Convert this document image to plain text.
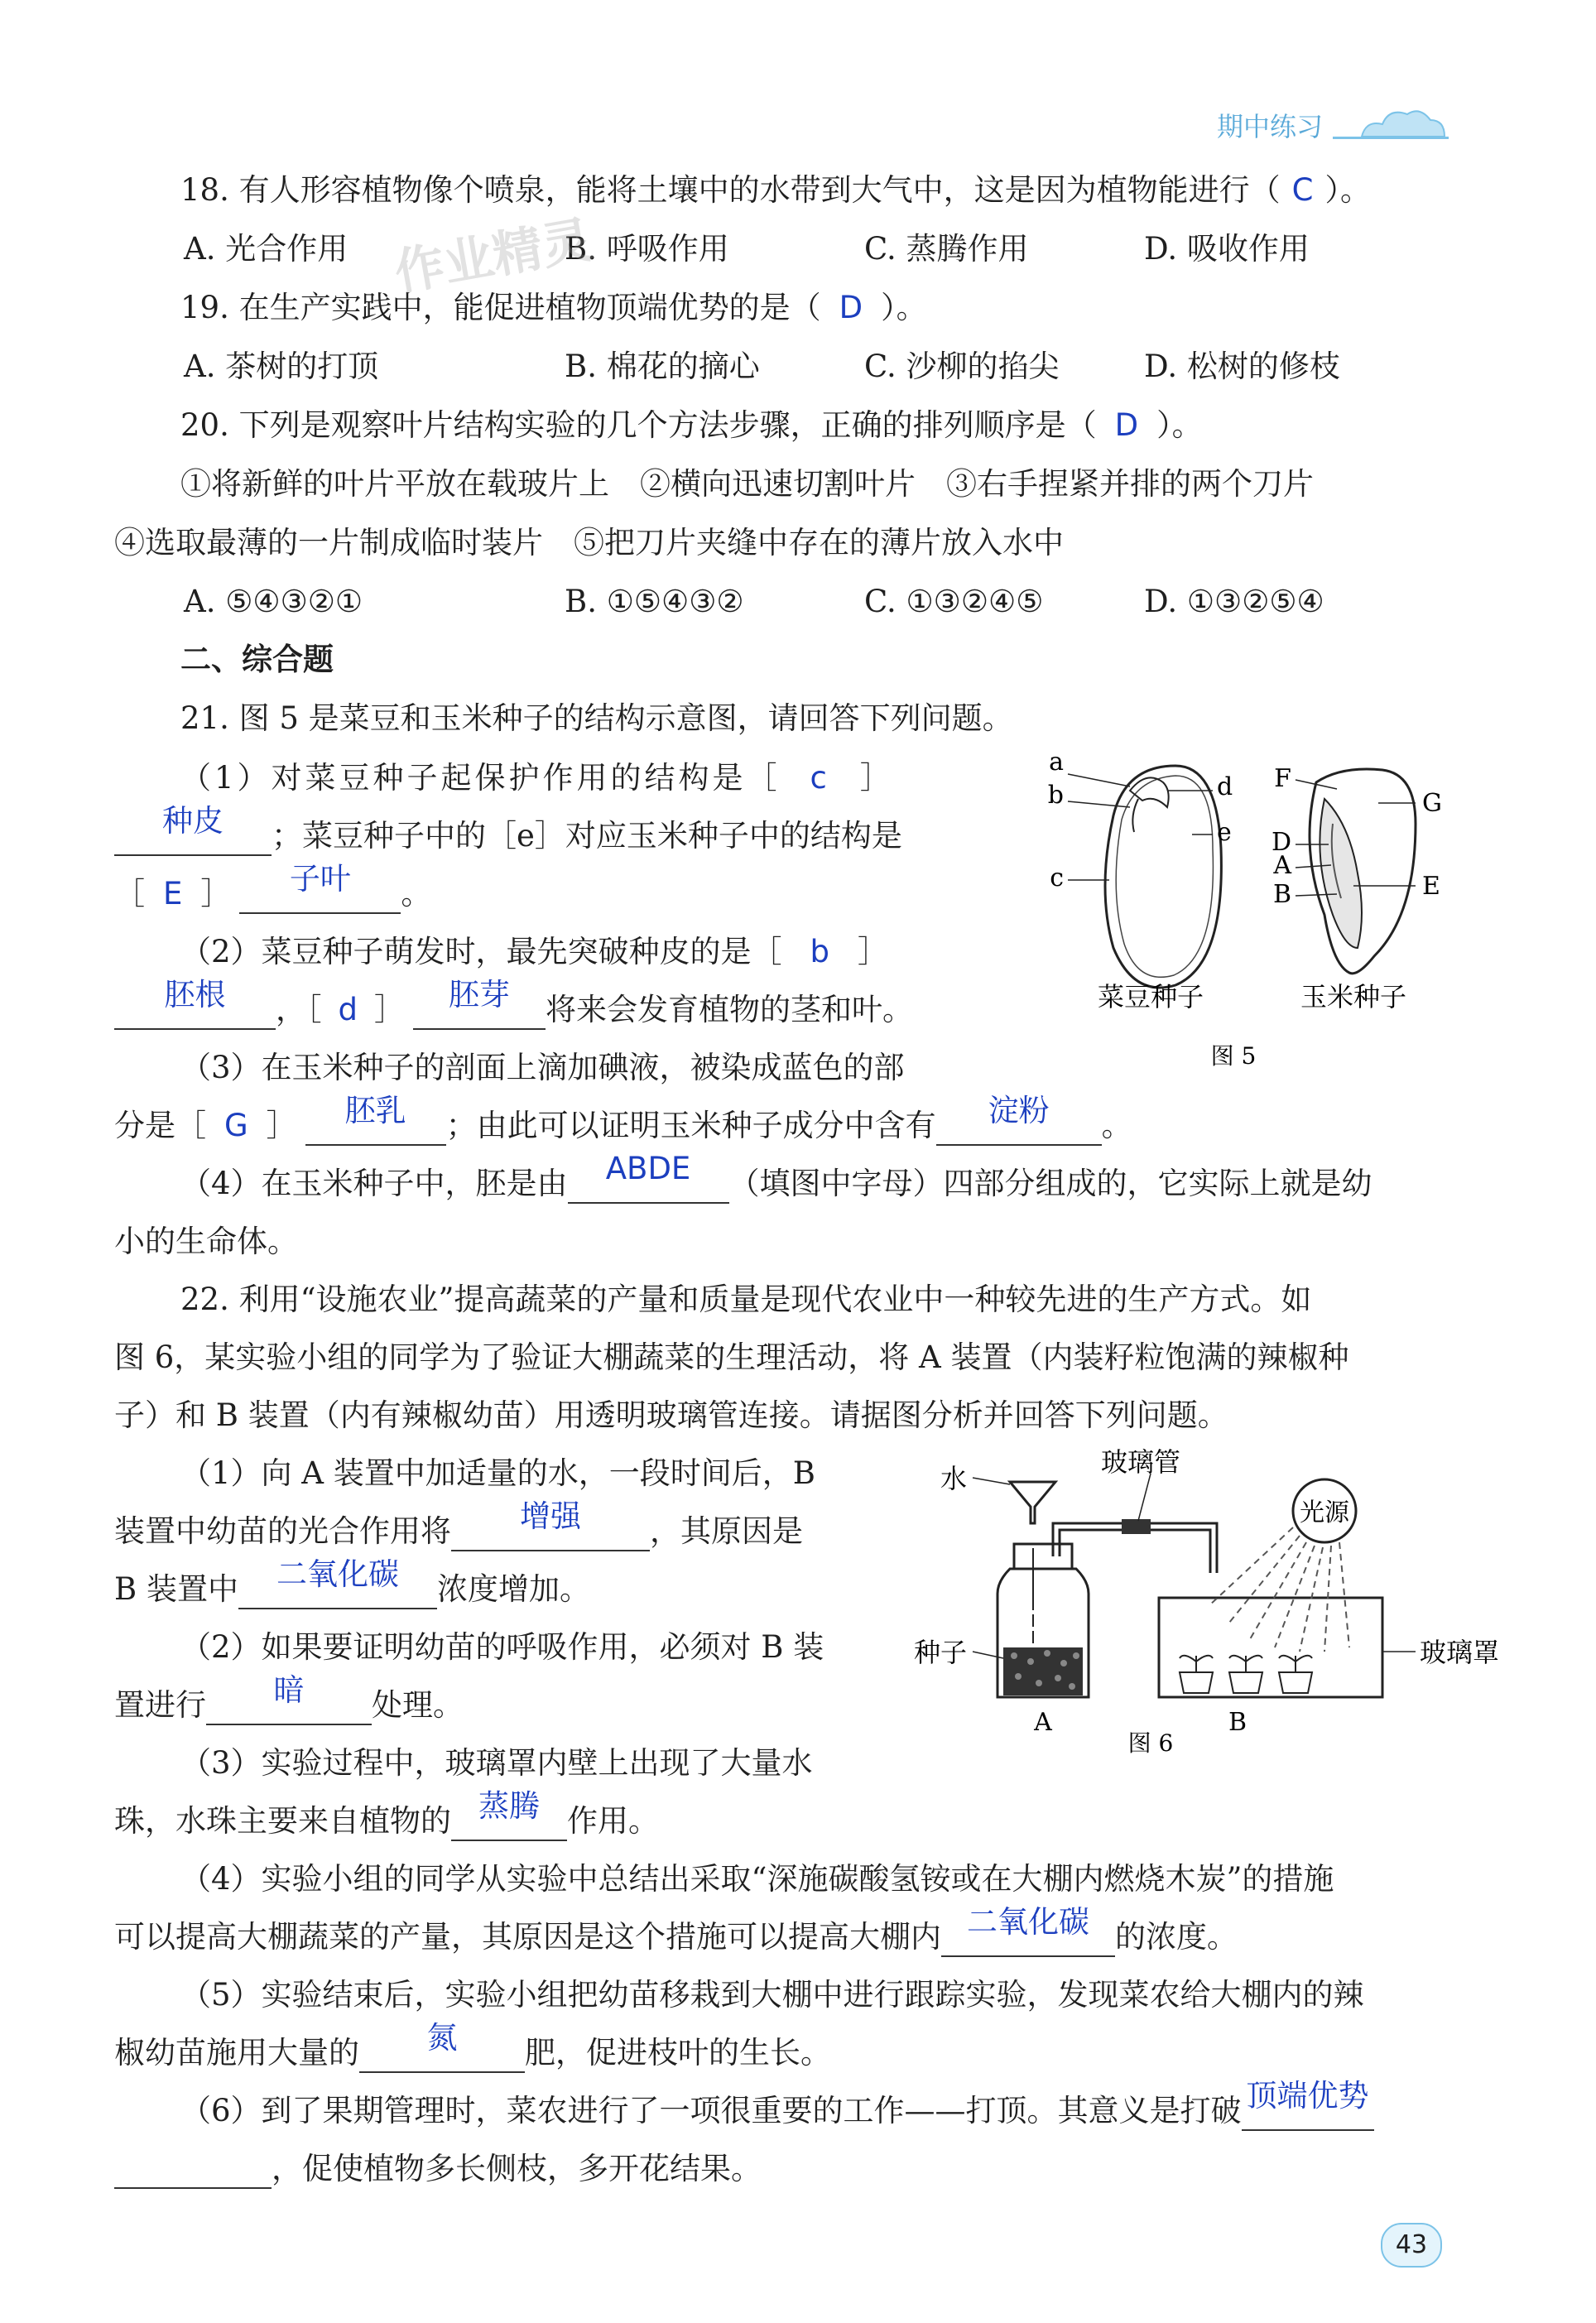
期中练习
18. 有人形容植物像个喷泉，能将土壤中的水带到大气中，这是因为植物能进行（ C ）。
A. 光合作用	B. 呼吸作用	C. 蒸腾作用	D. 吸收作用
19. 在生产实践中，能促进植物顶端优势的是（ D ）。
A. 茶树的打顶	B. 棉花的摘心	C. 沙柳的掐尖	D. 松树的修枝
20. 下列是观察叶片结构实验的几个方法步骤，正确的排列顺序是（ D ）。
①将新鲜的叶片平放在载玻片上　②横向迅速切割叶片　③右手捏紧并排的两个刀片
④选取最薄的一片制成临时装片　⑤把刀片夹缝中存在的薄片放入水中
A. ⑤④③②①	B. ①⑤④③②	C. ①③②④⑤	D. ①③②⑤④
二、综合题
21. 图 5 是菜豆和玉米种子的结构示意图，请回答下列问题。
（1）对菜豆种子起保护作用的结构是［ c ］
种皮 ；菜豆种子中的［e］对应玉米种子中的结构是
［ E ］ 子叶 。
（2）菜豆种子萌发时，最先突破种皮的是［ b ］
胚根 ，［ d ］ 胚芽 将来会发育植物的茎和叶。
（3）在玉米种子的剖面上滴加碘液，被染成蓝色的部
分是［ G ］ 胚乳 ；由此可以证明玉米种子成分中含有 淀粉 。
（4）在玉米种子中，胚是由 ABDE （填图中字母）四部分组成的，它实际上就是幼
小的生命体。
a
b
c
d
e
F
G
D
A
B	E
菜豆种子	玉米种子
图 5
22. 利用“设施农业”提高蔬菜的产量和质量是现代农业中一种较先进的生产方式。如
图 6，某实验小组的同学为了验证大棚蔬菜的生理活动，将 A 装置（内装籽粒饱满的辣椒种
子）和 B 装置（内有辣椒幼苗）用透明玻璃管连接。请据图分析并回答下列问题。
（1）向 A 装置中加适量的水，一段时间后，B
装置中幼苗的光合作用将 增强 ，其原因是
B 装置中 二氧化碳 浓度增加。
（2）如果要证明幼苗的呼吸作用，必须对 B 装
置进行 暗 处理。
（3）实验过程中，玻璃罩内壁上出现了大量水
珠，水珠主要来自植物的 蒸腾 作用。
（4）实验小组的同学从实验中总结出采取“深施碳酸氢铵或在大棚内燃烧木炭”的措施
可以提高大棚蔬菜的产量，其原因是这个措施可以提高大棚内 二氧化碳 的浓度。
（5）实验结束后，实验小组把幼苗移栽到大棚中进行跟踪实验，发现菜农给大棚内的辣
椒幼苗施用大量的 氮 肥，促进枝叶的生长。
（6）到了果期管理时，菜农进行了一项很重要的工作——打顶。其意义是打破 顶端优势
，促使植物多长侧枝，多开花结果。
水
玻璃管
光源
种子	玻璃罩
A	B
图 6
作业精灵
43
